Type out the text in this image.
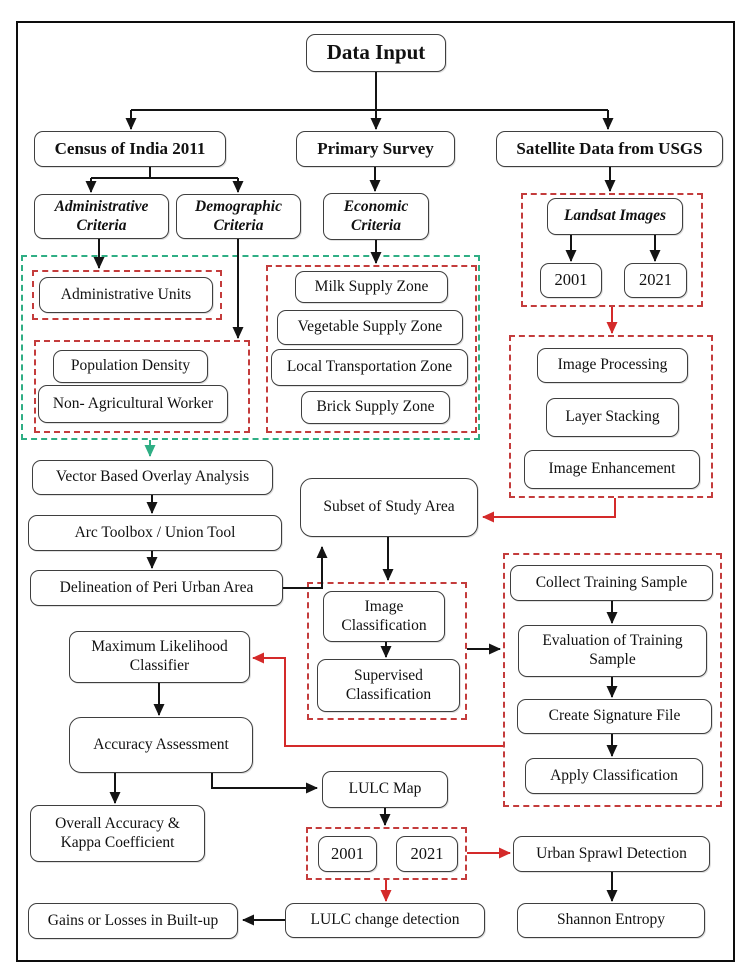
Data Input
Census of India 2011	Primary Survey	Satellite Data from USGS
Administrative Criteria
Demographic Criteria
Economic Criteria
Landsat Images
2001	2021
Administrative Units
Population Density
Non- Agricultural Worker
Milk Supply Zone
Vegetable Supply Zone
Local Transportation Zone
Brick Supply Zone
Image Processing
Layer Stacking
Image Enhancement
Vector Based Overlay Analysis
Arc Toolbox / Union Tool
Delineation of Peri Urban Area
Subset of Study Area
Image Classification
Supervised Classification
Collect Training Sample
Evaluation of Training Sample
Create Signature File
Apply Classification
Maximum Likelihood Classifier
Accuracy Assessment
Overall Accuracy & Kappa Coefficient
LULC Map
2001	2021	Urban Sprawl Detection
Shannon Entropy
LULC change detection
Gains or Losses in Built-up
